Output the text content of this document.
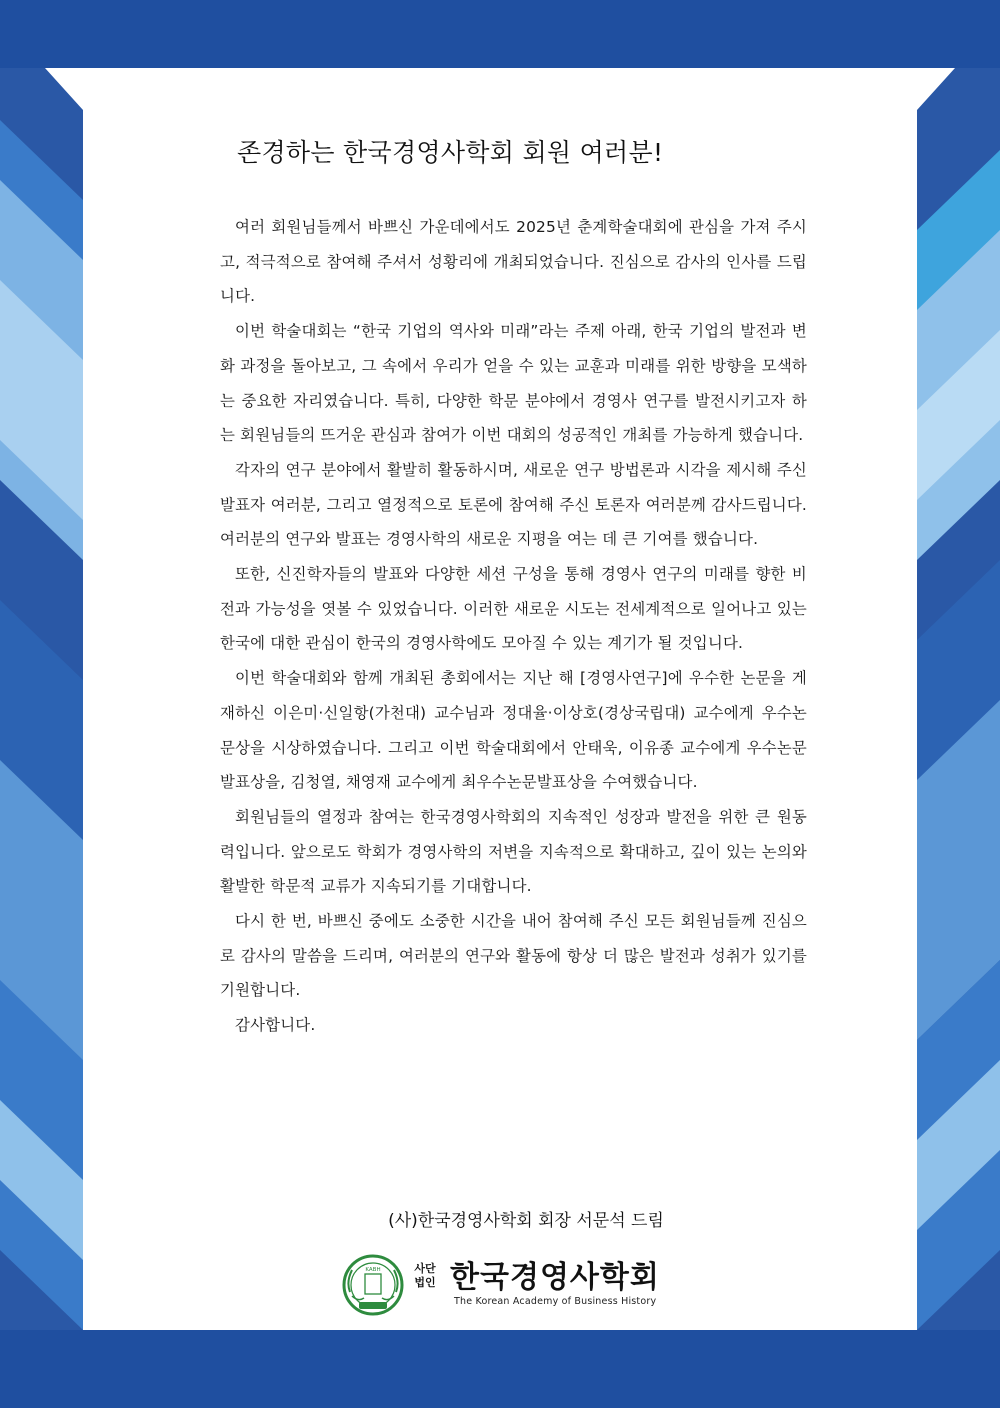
존경하는 한국경영사학회 회원 여러분!

여러 회원님들께서 바쁘신 가운데에서도 2025년 춘계학술대회에 관심을 가져 주시고, 적극적으로 참여해 주셔서 성황리에 개최되었습니다. 진심으로 감사의 인사를 드립니다.

이번 학술대회는 “한국 기업의 역사와 미래”라는 주제 아래, 한국 기업의 발전과 변화 과정을 돌아보고, 그 속에서 우리가 얻을 수 있는 교훈과 미래를 위한 방향을 모색하는 중요한 자리였습니다. 특히, 다양한 학문 분야에서 경영사 연구를 발전시키고자 하는 회원님들의 뜨거운 관심과 참여가 이번 대회의 성공적인 개최를 가능하게 했습니다.

각자의 연구 분야에서 활발히 활동하시며, 새로운 연구 방법론과 시각을 제시해 주신 발표자 여러분, 그리고 열정적으로 토론에 참여해 주신 토론자 여러분께 감사드립니다. 여러분의 연구와 발표는 경영사학의 새로운 지평을 여는 데 큰 기여를 했습니다.

또한, 신진학자들의 발표와 다양한 세션 구성을 통해 경영사 연구의 미래를 향한 비전과 가능성을 엿볼 수 있었습니다. 이러한 새로운 시도는 전세계적으로 일어나고 있는 한국에 대한 관심이 한국의 경영사학에도 모아질 수 있는 계기가 될 것입니다.

이번 학술대회와 함께 개최된 총회에서는 지난 해 [경영사연구]에 우수한 논문을 게재하신 이은미·신일항(가천대) 교수님과 정대율·이상호(경상국립대) 교수에게 우수논문상을 시상하였습니다. 그리고 이번 학술대회에서 안태욱, 이유종 교수에게 우수논문발표상을, 김청열, 채영재 교수에게 최우수논문발표상을 수여했습니다.

회원님들의 열정과 참여는 한국경영사학회의 지속적인 성장과 발전을 위한 큰 원동력입니다. 앞으로도 학회가 경영사학의 저변을 지속적으로 확대하고, 깊이 있는 논의와 활발한 학문적 교류가 지속되기를 기대합니다.

다시 한 번, 바쁘신 중에도 소중한 시간을 내어 참여해 주신 모든 회원님들께 진심으로 감사의 말씀을 드리며, 여러분의 연구와 활동에 항상 더 많은 발전과 성취가 있기를 기원합니다.

감사합니다.

(사)한국경영사학회 회장 서문석 드림
KABH	사단
법인 한국경영사학회
The Korean Academy of Business History
